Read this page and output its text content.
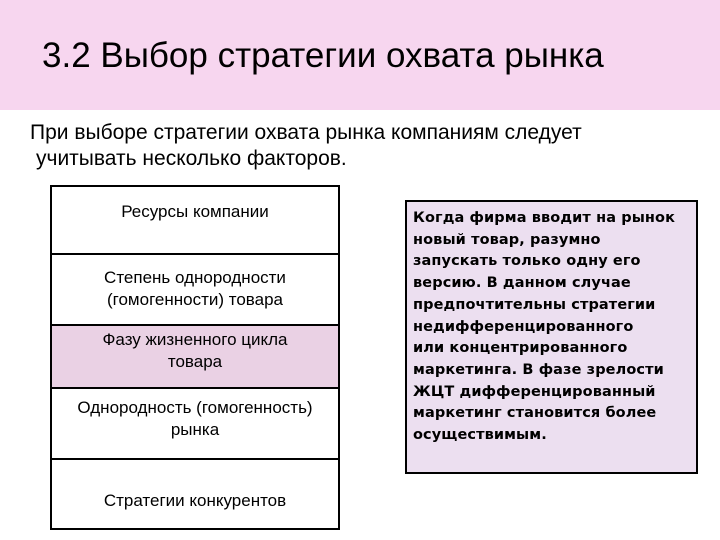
3.2 Выбор стратегии охвата рынка
При выборе стратегии охвата рынка компаниям следует
учитывать несколько факторов.
Ресурсы компании
Степень однородности
(гомогенности) товара
Фазу жизненного цикла
товара
Однородность (гомогенность)
рынка
Стратегии конкурентов
Когда фирма вводит на рынок
новый товар, разумно
запускать только одну его
версию. В данном случае
предпочтительны стратегии
недифференцированного
или концентрированного
маркетинга. В фазе зрелости
ЖЦТ дифференцированный
маркетинг становится более
осуществимым.
